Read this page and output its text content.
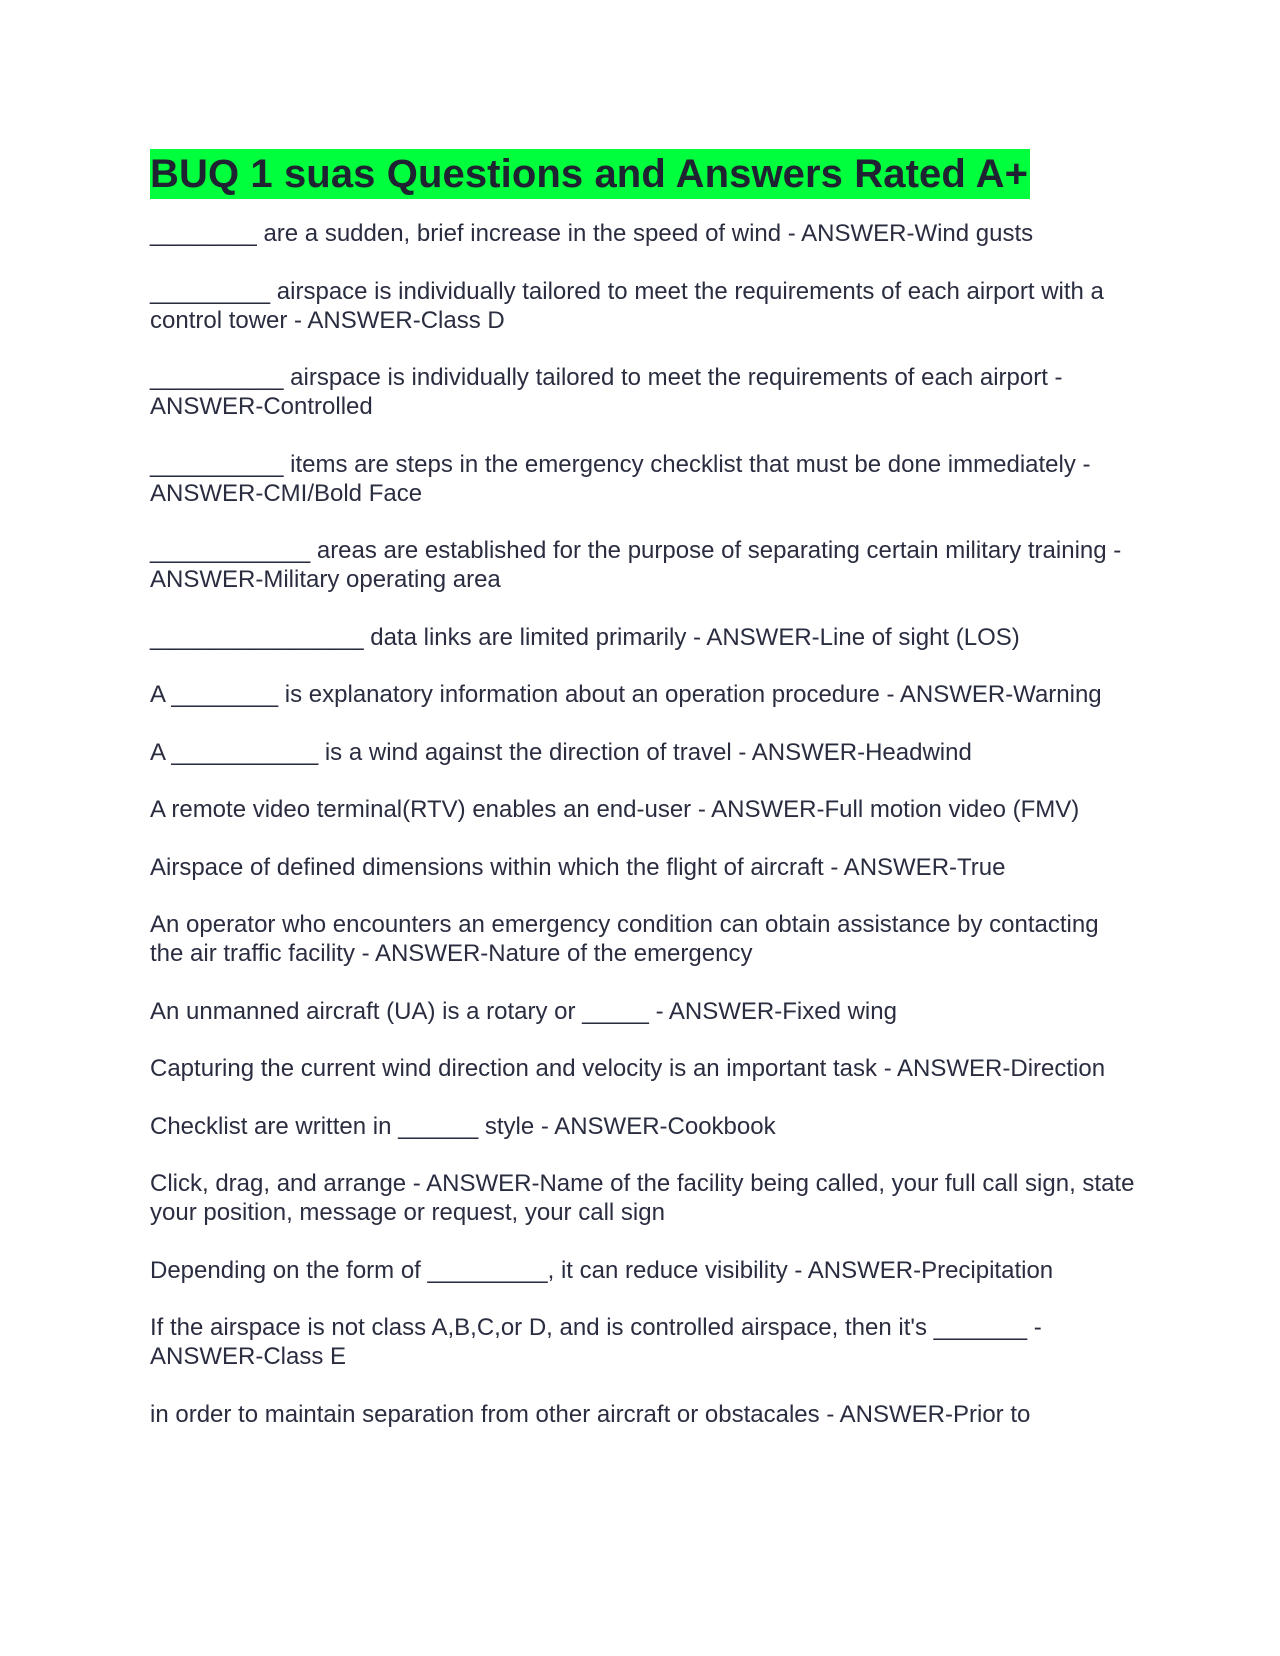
BUQ 1 suas Questions and Answers Rated A+
________ are a sudden, brief increase in the speed of wind - ANSWER-Wind gusts
_________ airspace is individually tailored to meet the requirements of each airport with a control tower - ANSWER-Class D
__________ airspace is individually tailored to meet the requirements of each airport - ANSWER-Controlled
__________ items are steps in the emergency checklist that must be done immediately - ANSWER-CMI/Bold Face
____________ areas are established for the purpose of separating certain military training - ANSWER-Military operating area
________________ data links are limited primarily - ANSWER-Line of sight (LOS)
A ________ is explanatory information about an operation procedure - ANSWER-Warning
A ___________ is a wind against the direction of travel - ANSWER-Headwind
A remote video terminal(RTV) enables an end-user - ANSWER-Full motion video (FMV)
Airspace of defined dimensions within which the flight of aircraft - ANSWER-True
An operator who encounters an emergency condition can obtain assistance by contacting the air traffic facility - ANSWER-Nature of the emergency
An unmanned aircraft (UA) is a rotary or _____ - ANSWER-Fixed wing
Capturing the current wind direction and velocity is an important task - ANSWER-Direction
Checklist are written in ______ style - ANSWER-Cookbook
Click, drag, and arrange - ANSWER-Name of the facility being called, your full call sign, state your position, message or request, your call sign
Depending on the form of _________, it can reduce visibility - ANSWER-Precipitation
If the airspace is not class A,B,C,or D, and is controlled airspace, then it's _______ - ANSWER-Class E
in order to maintain separation from other aircraft or obstacales - ANSWER-Prior to
